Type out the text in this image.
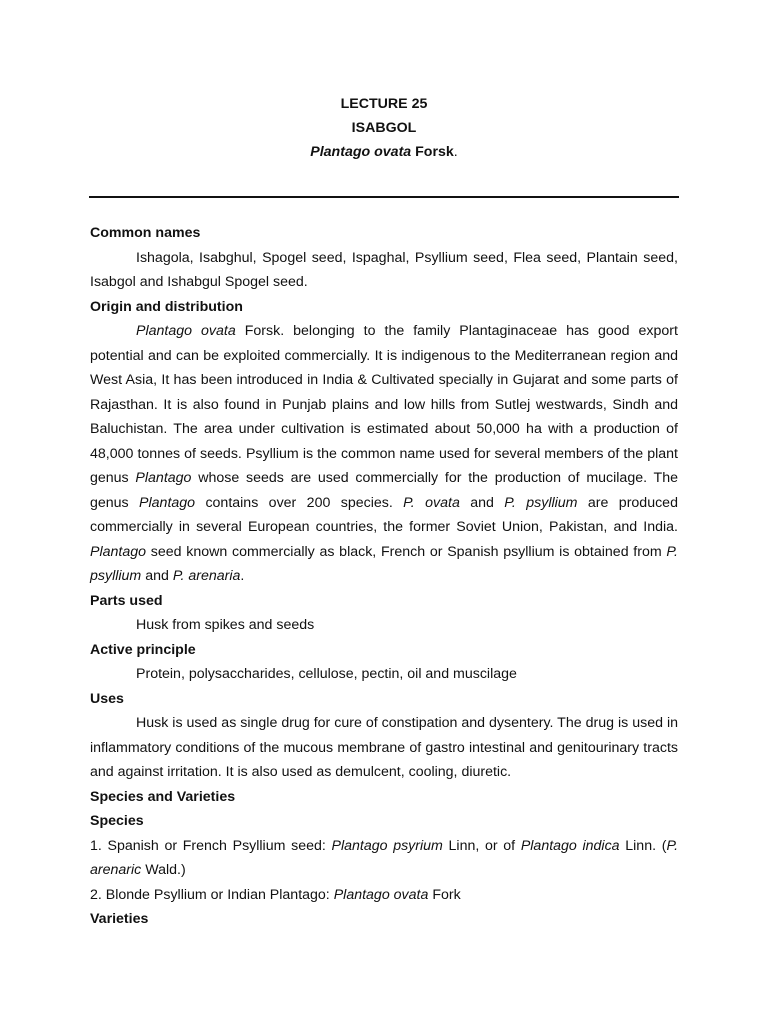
LECTURE 25
ISABGOL
Plantago ovata Forsk.

Common names

Ishagola, Isabghul, Spogel seed, Ispaghal, Psyllium seed, Flea seed, Plantain seed, Isabgol and Ishabgul Spogel seed.

Origin and distribution

Plantago ovata Forsk. belonging to the family Plantaginaceae has good export potential and can be exploited commercially. It is indigenous to the Mediterranean region and West Asia, It has been introduced in India & Cultivated specially in Gujarat and some parts of Rajasthan. It is also found in Punjab plains and low hills from Sutlej westwards, Sindh and Baluchistan. The area under cultivation is estimated about 50,000 ha with a production of 48,000 tonnes of seeds. Psyllium is the common name used for several members of the plant genus Plantago whose seeds are used commercially for the production of mucilage. The genus Plantago contains over 200 species. P. ovata and P. psyllium are produced commercially in several European countries, the former Soviet Union, Pakistan, and India. Plantago seed known commercially as black, French or Spanish psyllium is obtained from P. psyllium and P. arenaria.

Parts used

Husk from spikes and seeds

Active principle

Protein, polysaccharides, cellulose, pectin, oil and muscilage

Uses

Husk is used as single drug for cure of constipation and dysentery. The drug is used in inflammatory conditions of the mucous membrane of gastro intestinal and genitourinary tracts and against irritation. It is also used as demulcent, cooling, diuretic.

Species and Varieties

Species

1. Spanish or French Psyllium seed: Plantago psyrium Linn, or of Plantago indica Linn. (P. arenaric Wald.)

2. Blonde Psyllium or Indian Plantago: Plantago ovata Fork

Varieties
